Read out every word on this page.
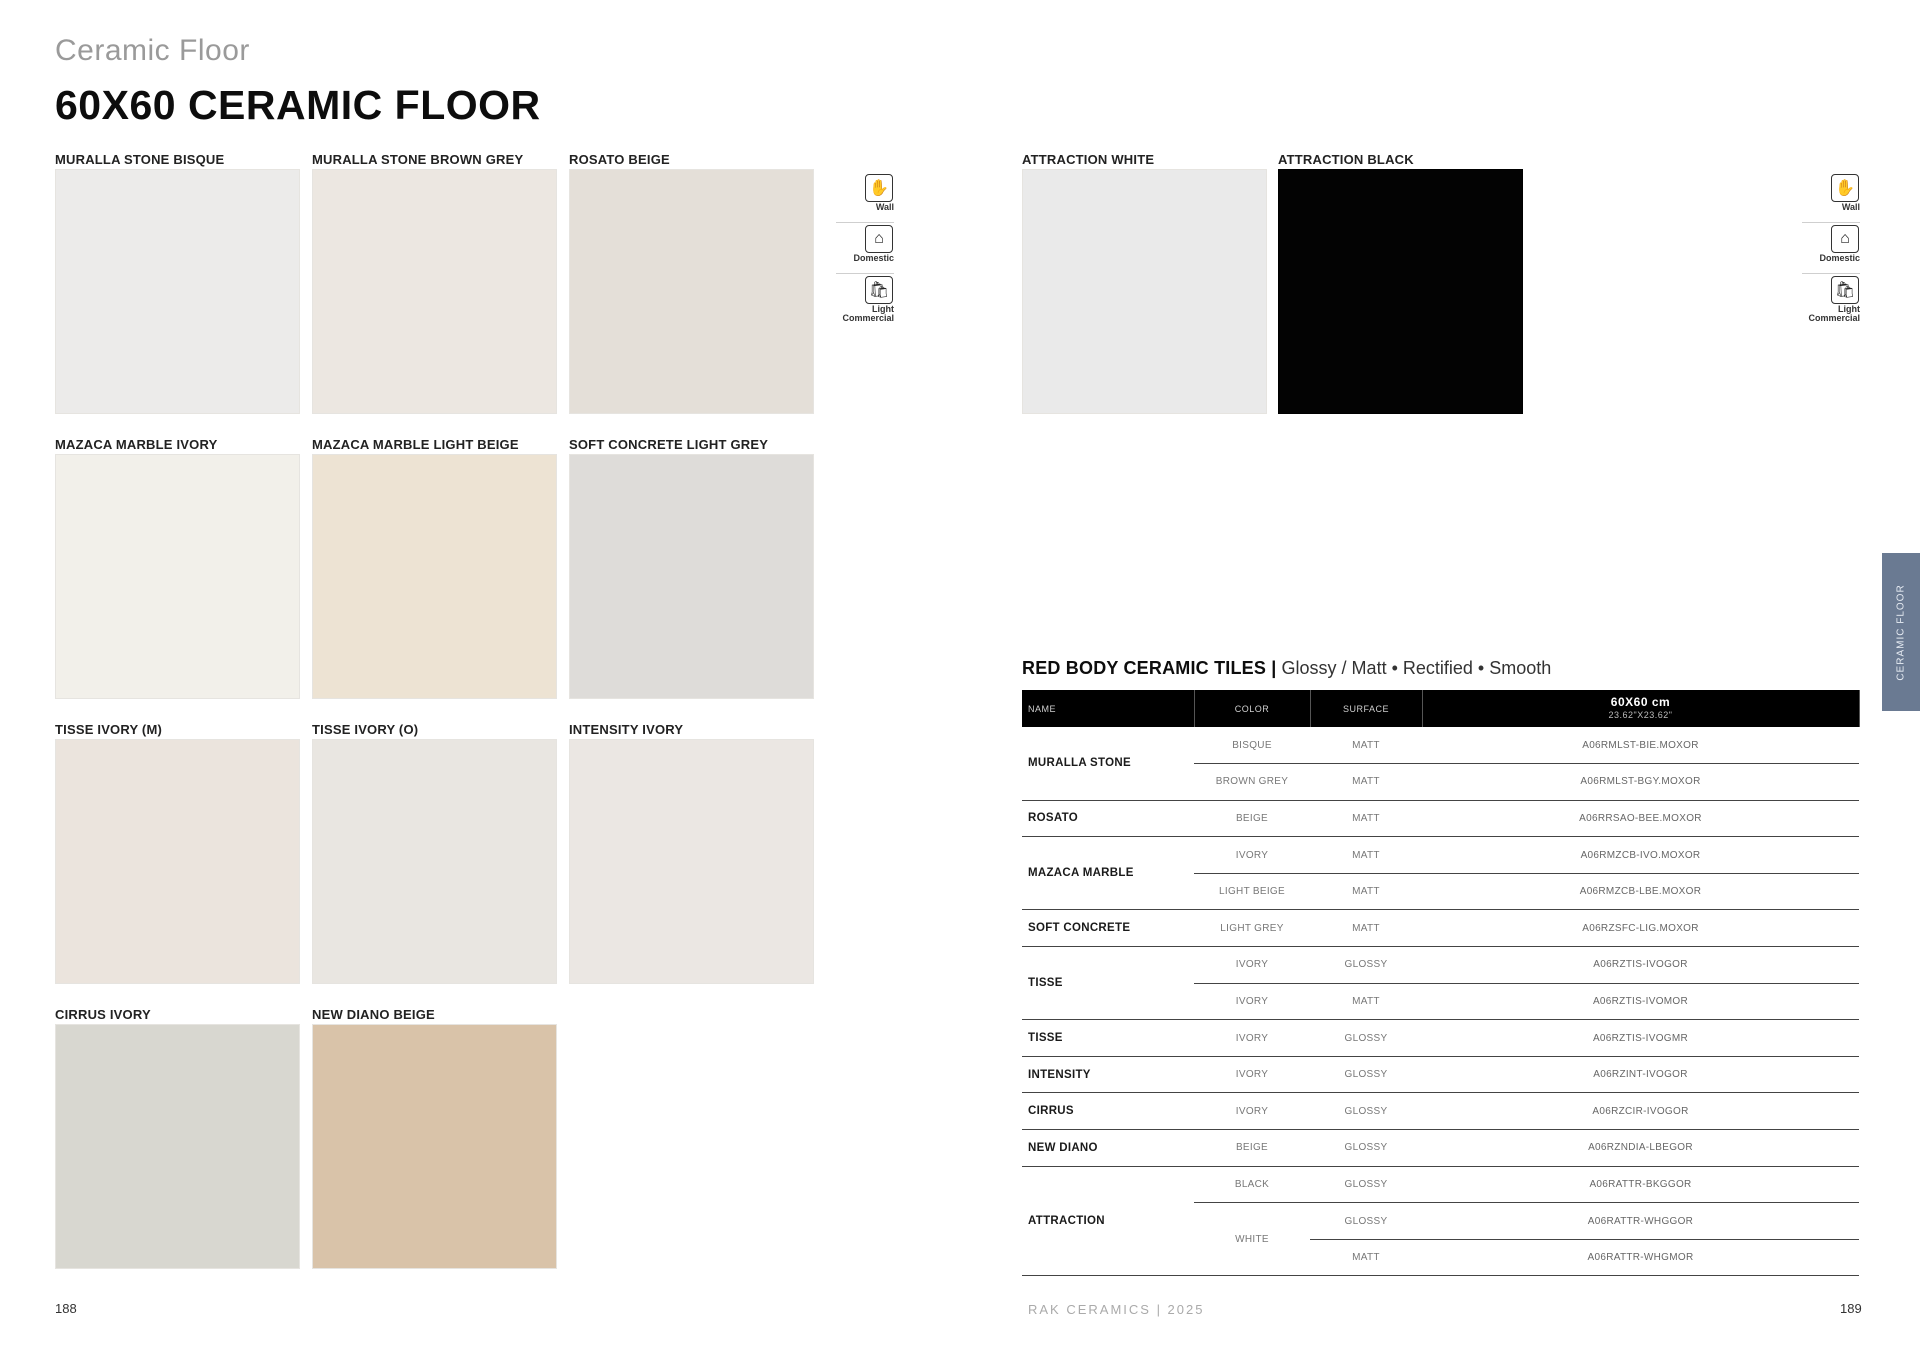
Ceramic Floor
60X60 CERAMIC FLOOR
MURALLA STONE BISQUE	MURALLA STONE BROWN GREY	ROSATO BEIGE
MAZACA MARBLE IVORY	MAZACA MARBLE LIGHT BEIGE	SOFT CONCRETE LIGHT GREY
TISSE IVORY (M)	TISSE IVORY (O)	INTENSITY IVORY
CIRRUS IVORY	NEW DIANO BEIGE
✋
Wall
⌂
Domestic
🛍
Light Commercial
188
ATTRACTION WHITE	ATTRACTION BLACK
✋
Wall
⌂
Domestic
🛍
Light Commercial
CERAMIC FLOOR
RED BODY CERAMIC TILES | Glossy / Matt • Rectified • Smooth
NAME	COLOR	SURFACE	60X60 cm
23.62"X23.62"

MURALLA STONE	BISQUE	MATT	A06RMLST-BIE.MOXOR
	BROWN GREY	MATT	A06RMLST-BGY.MOXOR
ROSATO	BEIGE	MATT	A06RRSAO-BEE.MOXOR
MAZACA MARBLE	IVORY	MATT	A06RMZCB-IVO.MOXOR
	LIGHT BEIGE	MATT	A06RMZCB-LBE.MOXOR
SOFT CONCRETE	LIGHT GREY	MATT	A06RZSFC-LIG.MOXOR
TISSE	IVORY	GLOSSY	A06RZTIS-IVOGOR
	IVORY	MATT	A06RZTIS-IVOMOR
TISSE	IVORY	GLOSSY	A06RZTIS-IVOGMR
INTENSITY	IVORY	GLOSSY	A06RZINT-IVOGOR
CIRRUS	IVORY	GLOSSY	A06RZCIR-IVOGOR
NEW DIANO	BEIGE	GLOSSY	A06RZNDIA-LBEGOR
ATTRACTION	BLACK	GLOSSY	A06RATTR-BKGGOR
	WHITE	GLOSSY	A06RATTR-WHGGOR
		MATT	A06RATTR-WHGMOR
RAK CERAMICS | 2025	189
